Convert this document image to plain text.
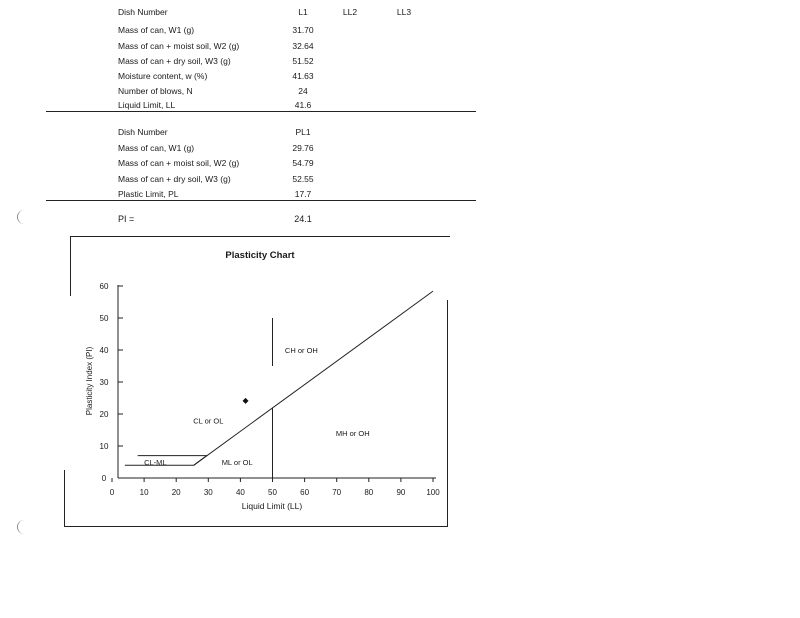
Dish Number	L1	LL2	LL3
Mass of can, W1 (g)	31.70
Mass of can + moist soil, W2 (g)	32.64
Mass of can + dry soil, W3 (g)	51.52
Moisture content, w (%)	41.63
Number of blows, N	24
Liquid Limit, LL	41.6
Dish Number	PL1
Mass of can, W1 (g)	29.76
Mass of can + moist soil, W2 (g)	54.79
Mass of can + dry soil, W3 (g)	52.55
Plastic Limit, PL	17.7
PI =	24.1
Plasticity Chart
0
10
20
30
40
50
60
0	10	20	30	40	50	60	70	80	90	100
CH or OH
CL or OL
MH or OH
ML or OL
CL-ML
Liquid Limit (LL)
Plasticity Index (PI)
